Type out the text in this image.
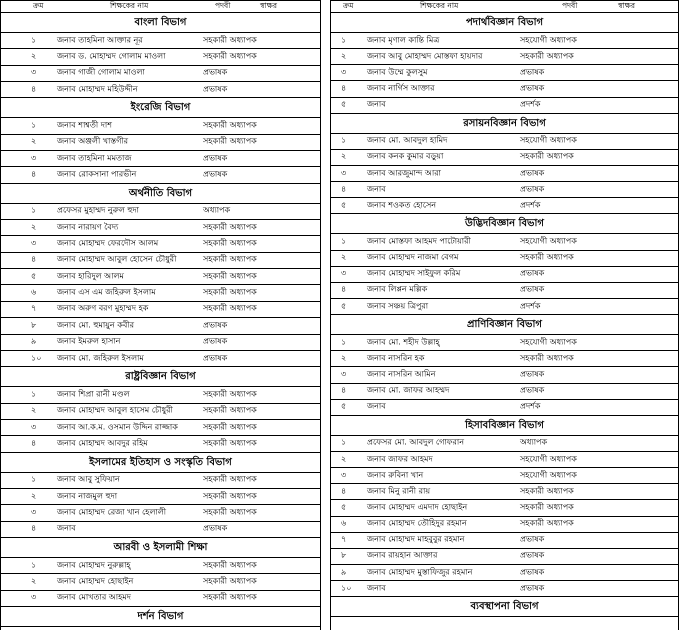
ক্রম	শিক্ষকের নাম	পদবী	স্বাক্ষর
বাংলা বিভাগ
১	জনাব তাহমিনা আক্তার নূর	সহকারী অধ্যাপক
২	জনাব ড. মোহাম্মদ গোলাম মাওলা	সহকারী অধ্যাপক
৩	জনাব গাজী গোলাম মাওলা	প্রভাষক
৪	জনাব মোহাম্মদ মহিউদ্দীন	প্রভাষক
ইংরেজি বিভাগ
১	জনাব শাশ্বতী দাশ	সহকারী অধ্যাপক
২	জনাব অঞ্জলী খাস্তগীর	সহকারী অধ্যাপক
৩	জনাব তাহমিনা মমতাজ	প্রভাষক
৪	জনাব রোকসানা পারভীন	প্রভাষক
অর্থনীতি বিভাগ
১	প্রফেসর মুহাম্মদ নুরুল হুদা	অধ্যাপক
২	জনাব নারায়ণ বৈদ্য	সহকারী অধ্যাপক
৩	জনাব মোহাম্মদ ফেরদৌস আলম	সহকারী অধ্যাপক
৪	জনাব মোহাম্মদ আবুল হোসেন চৌধুরী	সহকারী অধ্যাপক
৫	জনাব হারিদুল আলম	সহকারী অধ্যাপক
৬	জনাব এস এম জহিরুল ইসলাম	সহকারী অধ্যাপক
৭	জনাব অরুণ বরণ মুহাম্মদ হক	সহকারী অধ্যাপক
৮	জনাব মো. হুমায়ুন কবীর	প্রভাষক
৯	জনাব ইমরুল হাসান	প্রভাষক
১০ জনাব মো. জহিরুল ইসলাম	প্রভাষক
রাষ্ট্রবিজ্ঞান বিভাগ
১	জনাব শিপ্রা রানী মণ্ডল	সহকারী অধ্যাপক
২	জনাব মোহাম্মদ আবুল হাসেম চৌধুরী	সহকারী অধ্যাপক
৩	জনাব আ.ক.ম. ওসমান উদ্দিন রাজ্জাক	সহকারী অধ্যাপক
৪	জনাব মোহাম্মদ আবদুর রহিম	সহকারী অধ্যাপক
ইসলামের ইতিহাস ও সংস্কৃতি বিভাগ
১	জনাব আবু সুফিয়ান	সহকারী অধ্যাপক
২	জনাব নাজমুল হুদা	সহকারী অধ্যাপক
৩	জনাব মোহাম্মদ রেজা খান হেলালী	সহকারী অধ্যাপক
৪	জনাব	প্রভাষক
আরবী ও ইসলামী শিক্ষা
১	জনাব মোহাম্মদ নুরুল্লাহ্	সহকারী অধ্যাপক
২	জনাব মোহাম্মদ হোছাইন	সহকারী অধ্যাপক
৩	জনাব মোখতার আহমদ	সহকারী অধ্যাপক
দর্শন বিভাগ
ক্রম	শিক্ষকের নাম	পদবী	স্বাক্ষর
পদার্থবিজ্ঞান বিভাগ
১	জনাব মৃণাল কান্তি মিত্র	সহযোগী অধ্যাপক
২	জনাব আবু মোহাম্মদ মোস্তফা হায়দার	সহকারী অধ্যাপক
৩	জনাব উম্মে কুলসুম	প্রভাষক
৪	জনাব নার্গিস আক্তার	প্রভাষক
৫	জনাব	প্রদর্শক
রসায়নবিজ্ঞান বিভাগ
১	জনাব মো. আবদুল হামিদ	সহযোগী অধ্যাপক
২	জনাব কনক কুমার বড়ুয়া	সহকারী অধ্যাপক
৩	জনাব আরজুমান্দ আরা	প্রভাষক
৪	জনাব	প্রভাষক
৫	জনাব শওকত হোসেন	প্রদর্শক
উদ্ভিদবিজ্ঞান বিভাগ
১	জনাব মোস্তফা আহমদ পাটোয়ারী	সহযোগী অধ্যাপক
২	জনাব মোহাম্মদ নাজমা বেগম	সহকারী অধ্যাপক
৩	জনাব মোহাম্মদ সাইফুল করিম	প্রভাষক
৪	জনাব লিপ্পন মল্লিক	প্রভাষক
৫	জনাব সঞ্চয় ত্রিপুরা	প্রদর্শক
প্রাণিবিজ্ঞান বিভাগ
১	জনাব মো. শহীদ উল্লাহ্	সহযোগী অধ্যাপক
২	জনাব নাসরিন হক	সহকারী অধ্যাপক
৩	জনাব নাসরিন আমিন	প্রভাষক
৪	জনাব মো. জাফর আহম্মদ	প্রভাষক
৫	জনাব	প্রদর্শক
হিসাববিজ্ঞান বিভাগ
১	প্রফেসর মো. আবদুল গোফরান	অধ্যাপক
২	জনাব জাফর আহমদ	সহযোগী অধ্যাপক
৩	জনাব রুবিনা খান	সহযোগী অধ্যাপক
৪	জনাব মিনু রানী রায়	সহকারী অধ্যাপক
৫	জনাব মোহাম্মদ এমদাদ হোছাইন	সহকারী অধ্যাপক
৬	জনাব মোহাম্মদ তৌহিদুর রহমান	সহকারী অধ্যাপক
৭	জনাব মোহাম্মদ মাহবুবুর রহমান	প্রভাষক
৮	জনাব রায়হান আক্তার	প্রভাষক
৯	জনাব মোহাম্মদ মুস্তাফিজুর রহমান	প্রভাষক
১০ জনাব	প্রভাষক
ব্যবস্থাপনা বিভাগ
